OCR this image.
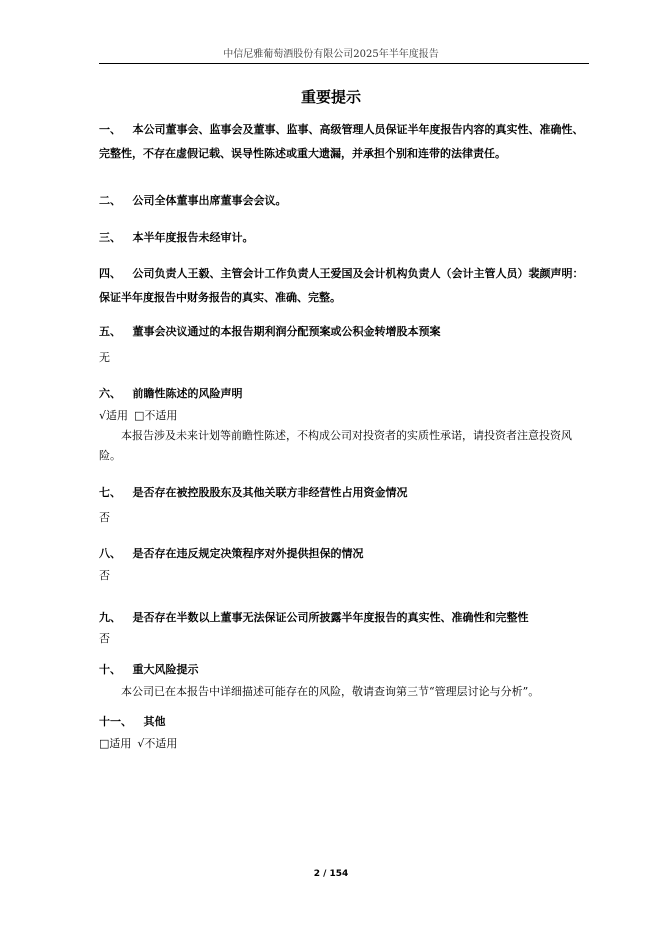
中信尼雅葡萄酒股份有限公司2025年半年度报告
重要提示
一、 本公司董事会、监事会及董事、监事、高级管理人员保证半年度报告内容的真实性、准确性、完整性，不存在虚假记载、误导性陈述或重大遗漏，并承担个别和连带的法律责任。
二、 公司全体董事出席董事会会议。
三、 本半年度报告未经审计。
四、 公司负责人王毅、主管会计工作负责人王爱国及会计机构负责人（会计主管人员）裴颜声明：保证半年度报告中财务报告的真实、准确、完整。
五、 董事会决议通过的本报告期利润分配预案或公积金转增股本预案
无
六、 前瞻性陈述的风险声明
√适用 □不适用
本报告涉及未来计划等前瞻性陈述，不构成公司对投资者的实质性承诺，请投资者注意投资风险。
七、 是否存在被控股股东及其他关联方非经营性占用资金情况
否
八、 是否存在违反规定决策程序对外提供担保的情况
否
九、 是否存在半数以上董事无法保证公司所披露半年度报告的真实性、准确性和完整性
否
十、 重大风险提示
本公司已在本报告中详细描述可能存在的风险，敬请查询第三节“管理层讨论与分析”。
十一、 其他
□适用 √不适用
2 / 154
